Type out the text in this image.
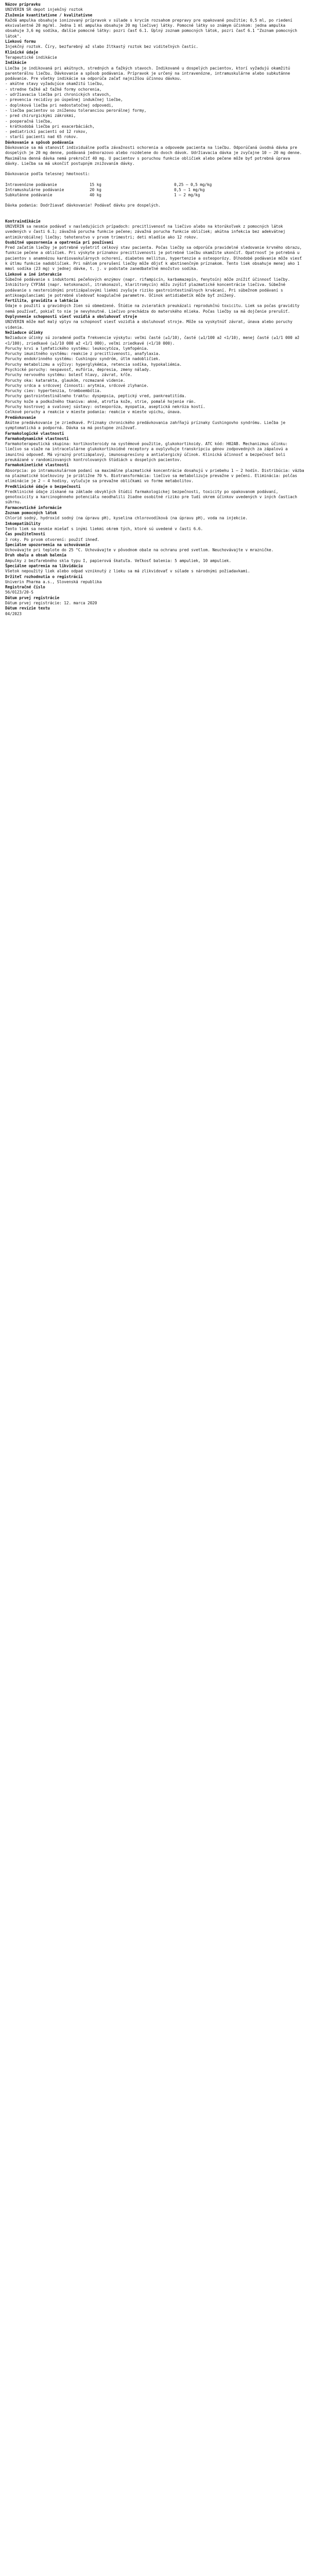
Názov prípravku

UNIVERIN SR depot injekčný roztok

Zloženie kvantitatívne / kvalitatívne

Každá ampulka obsahuje ionizovaný prípravok v súlade s krycím rozsahom prepravy pre opakované použitie; 0,5 ml, po riedení ekvivalentné 20 mg/ml. Jedna 1 ml ampulka obsahuje 20 mg liečivej látky. Pomocné látky so známym účinkom: jedna ampulka obsahuje 3,6 mg sodíka, ďalšie pomocné látky: pozri časť 6.1. Úplný zoznam pomocných látok, pozri časť 6.1 "Zoznam pomocných látok".

Liekovú formu

Injekčný roztok. Číry, bezfarebný až slabo žltkastý roztok bez viditeľných častíc.

Klinické údaje

Terapeutické indikácie

Indikácie

Liečba je indikovaná pri akútnych, stredných a ťažkých stavoch. Indikované u dospelých pacientov, ktorí vyžadujú okamžitú parenterálnu liečbu. Dávkovanie a spôsob podávania. Prípravok je určený na intravenózne, intramuskulárne alebo subkutánne podávanie. Pre všetky indikácie sa odporúča začať najnižšou účinnou dávkou.

- akútne stavy vyžadujúce okamžitú liečbu,

- stredne ťažké až ťažké formy ochorenia,

- udržiavacia liečba pri chronických stavoch,

- prevencia recidívy po úspešnej indukčnej liečbe,

- doplnková liečba pri nedostatočnej odpovedi,

- liečba pacientov so zníženou toleranciou perorálnej formy,

- pred chirurgickými zákrokmi,

- pooperačná liečba,

- krátkodobá liečba pri exacerbáciách,

- pediatrickí pacienti od 12 rokov,

- starší pacienti nad 65 rokov.

Dávkovanie a spôsob podávania

Dávkovanie sa má stanoviť individuálne podľa závažnosti ochorenia a odpovede pacienta na liečbu. Odporúčaná úvodná dávka pre dospelých je 20 mg denne, podávaná jednorazovo alebo rozdelene do dvoch dávok. Udržiavacia dávka je zvyčajne 10 – 20 mg denne. Maximálna denná dávka nemá prekročiť 40 mg. U pacientov s poruchou funkcie obličiek alebo pečene môže byť potrebná úprava dávky. Liečba sa má ukončiť postupným znižovaním dávky.

Dávkovanie podľa telesnej hmotnosti:

Intravenózne podávanie	15 kg	0,25 – 0,5 mg/kg
Intramuskulárne podávanie	20 kg	0,5 – 1 mg/kg
Subkutánne podávanie	40 kg	1 – 2 mg/kg

Dávka podania: Dodržiavať dávkovanie! Podávať dávku pre dospelých.

Kontraindikácie

UNIVERIN sa nesmie podávať v nasledujúcich prípadoch: precitlivenosť na liečivo alebo na ktorúkoľvek z pomocných látok uvedených v časti 6.1; závažná porucha funkcie pečene; závažná porucha funkcie obličiek; akútna infekcia bez adekvátnej antimikrobiálnej liečby; tehotenstvo v prvom trimestri; deti mladšie ako 12 rokov.

Osobitné upozornenia a opatrenia pri používaní

Pred začatím liečby je potrebné vyšetriť celkový stav pacienta. Počas liečby sa odporúča pravidelné sledovanie krvného obrazu, funkcie pečene a obličiek. Pri výskyte príznakov precitlivenosti je potrebné liečbu okamžite ukončiť. Opatrnosť je potrebná u pacientov s anamnézou kardiovaskulárnych ochorení, diabetes mellitus, hypertenzie a osteoporózy. Dlhodobé podávanie môže viesť k útlmu funkcie nadobličiek. Pri náhlom prerušení liečby môže dôjsť k abstinenčným príznakom. Tento liek obsahuje menej ako 1 mmol sodíka (23 mg) v jednej dávke, t. j. v podstate zanedbateľné množstvo sodíka.

Liekové a iné interakcie

Súbežné podávanie s induktormi pečeňových enzýmov (napr. rifampicín, karbamazepín, fenytoín) môže znížiť účinnosť liečby. Inhibítory CYP3A4 (napr. ketokonazol, itrakonazol, klaritromycín) môžu zvýšiť plazmatické koncentrácie liečiva. Súbežné podávanie s nesteroidnými protizápalovými liekmi zvyšuje riziko gastrointestinálnych krvácaní. Pri súbežnom podávaní s antikoagulanciami je potrebné sledovať koagulačné parametre. Účinok antidiabetík môže byť znížený.

Fertilita, gravidita a laktácia

Údaje o použití u gravidných žien sú obmedzené. Štúdie na zvieratách preukázali reprodukčnú toxicitu. Liek sa počas gravidity nemá používať, pokiaľ to nie je nevyhnutné. Liečivo prechádza do materského mlieka. Počas liečby sa má dojčenie prerušiť.

Ovplyvnenie schopnosti viesť vozidlá a obsluhovať stroje

UNIVERIN môže mať malý vplyv na schopnosť viesť vozidlá a obsluhovať stroje. Môže sa vyskytnúť závrat, únava alebo poruchy videnia.

Nežiaduce účinky

Nežiaduce účinky sú zoradené podľa frekvencie výskytu: veľmi časté (≥1/10), časté (≥1/100 až <1/10), menej časté (≥1/1 000 až <1/100), zriedkavé (≥1/10 000 až <1/1 000), veľmi zriedkavé (<1/10 000).

Poruchy krvi a lymfatického systému: leukocytóza, lymfopénia.

Poruchy imunitného systému: reakcie z precitlivenosti, anafylaxia.

Poruchy endokrinného systému: Cushingov syndróm, útlm nadobličiek.

Poruchy metabolizmu a výživy: hyperglykémia, retencia sodíka, hypokaliémia.

Psychické poruchy: nespavosť, eufória, depresia, zmeny nálady.

Poruchy nervového systému: bolesť hlavy, závrat, kŕče.

Poruchy oka: katarakta, glaukóm, rozmazané videnie.

Poruchy srdca a srdcovej činnosti: arytmia, srdcové zlyhanie.

Poruchy ciev: hypertenzia, tromboembólia.

Poruchy gastrointestinálneho traktu: dyspepsia, peptický vred, pankreatitída.

Poruchy kože a podkožného tkaniva: akné, atrofia kože, strie, pomalé hojenie rán.

Poruchy kostrovej a svalovej sústavy: osteoporóza, myopatia, aseptická nekróza kostí.

Celkové poruchy a reakcie v mieste podania: reakcie v mieste vpichu, únava.

Predávkovanie

Akútne predávkovanie je zriedkavé. Príznaky chronického predávkovania zahŕňajú príznaky Cushingovho syndrómu. Liečba je symptomatická a podporná. Dávka sa má postupne znižovať.

Farmakologické vlastnosti

Farmakodynamické vlastnosti

Farmakoterapeutická skupina: kortikosteroidy na systémové použitie, glukokortikoidy. ATC kód: H02AB. Mechanizmus účinku: liečivo sa viaže na intracelulárne glukokortikoidné receptory a ovplyvňuje transkripciu génov zodpovedných za zápalovú a imunitnú odpoveď. Má výrazný protizápalový, imunosupresívny a antialergický účinok. Klinická účinnosť a bezpečnosť boli preukázané v randomizovaných kontrolovaných štúdiách u dospelých pacientov.

Farmakokinetické vlastnosti

Absorpcia: po intramuskulárnom podaní sa maximálne plazmatické koncentrácie dosahujú v priebehu 1 – 2 hodín. Distribúcia: väzba na plazmatické bielkoviny je približne 70 %. Biotransformácia: liečivo sa metabolizuje prevažne v pečeni. Eliminácia: polčas eliminácie je 2 – 4 hodiny, vylučuje sa prevažne obličkami vo forme metabolitov.

Predklinické údaje o bezpečnosti

Predklinické údaje získané na základe obvyklých štúdií farmakologickej bezpečnosti, toxicity po opakovanom podávaní, genotoxicity a karcinogénneho potenciálu neodhalili žiadne osobitné riziko pre ľudí okrem účinkov uvedených v iných častiach súhrnu.

Farmaceutické informácie

Zoznam pomocných látok

Chlorid sodný, hydroxid sodný (na úpravu pH), kyselina chlorovodíková (na úpravu pH), voda na injekcie.

Inkompatibility

Tento liek sa nesmie miešať s inými liekmi okrem tých, ktoré sú uvedené v časti 6.6.

Čas použiteľnosti

3 roky. Po prvom otvorení: použiť ihneď.

Špeciálne upozornenia na uchovávanie

Uchovávajte pri teplote do 25 °C. Uchovávajte v pôvodnom obale na ochranu pred svetlom. Neuchovávajte v mrazničke.

Druh obalu a obsah balenia

Ampulky z bezfarebného skla typu I, papierová škatuľa. Veľkosť balenia: 5 ampuliek, 10 ampuliek.

Špeciálne opatrenia na likvidáciu

Všetok nepoužitý liek alebo odpad vzniknutý z lieku sa má zlikvidovať v súlade s národnými požiadavkami.

Držiteľ rozhodnutia o registrácii

Univerin Pharma a.s., Slovenská republika

Registračné číslo

56/0123/20-S

Dátum prvej registrácie

Dátum prvej registrácie: 12. marca 2020

Dátum revízie textu

04/2023
